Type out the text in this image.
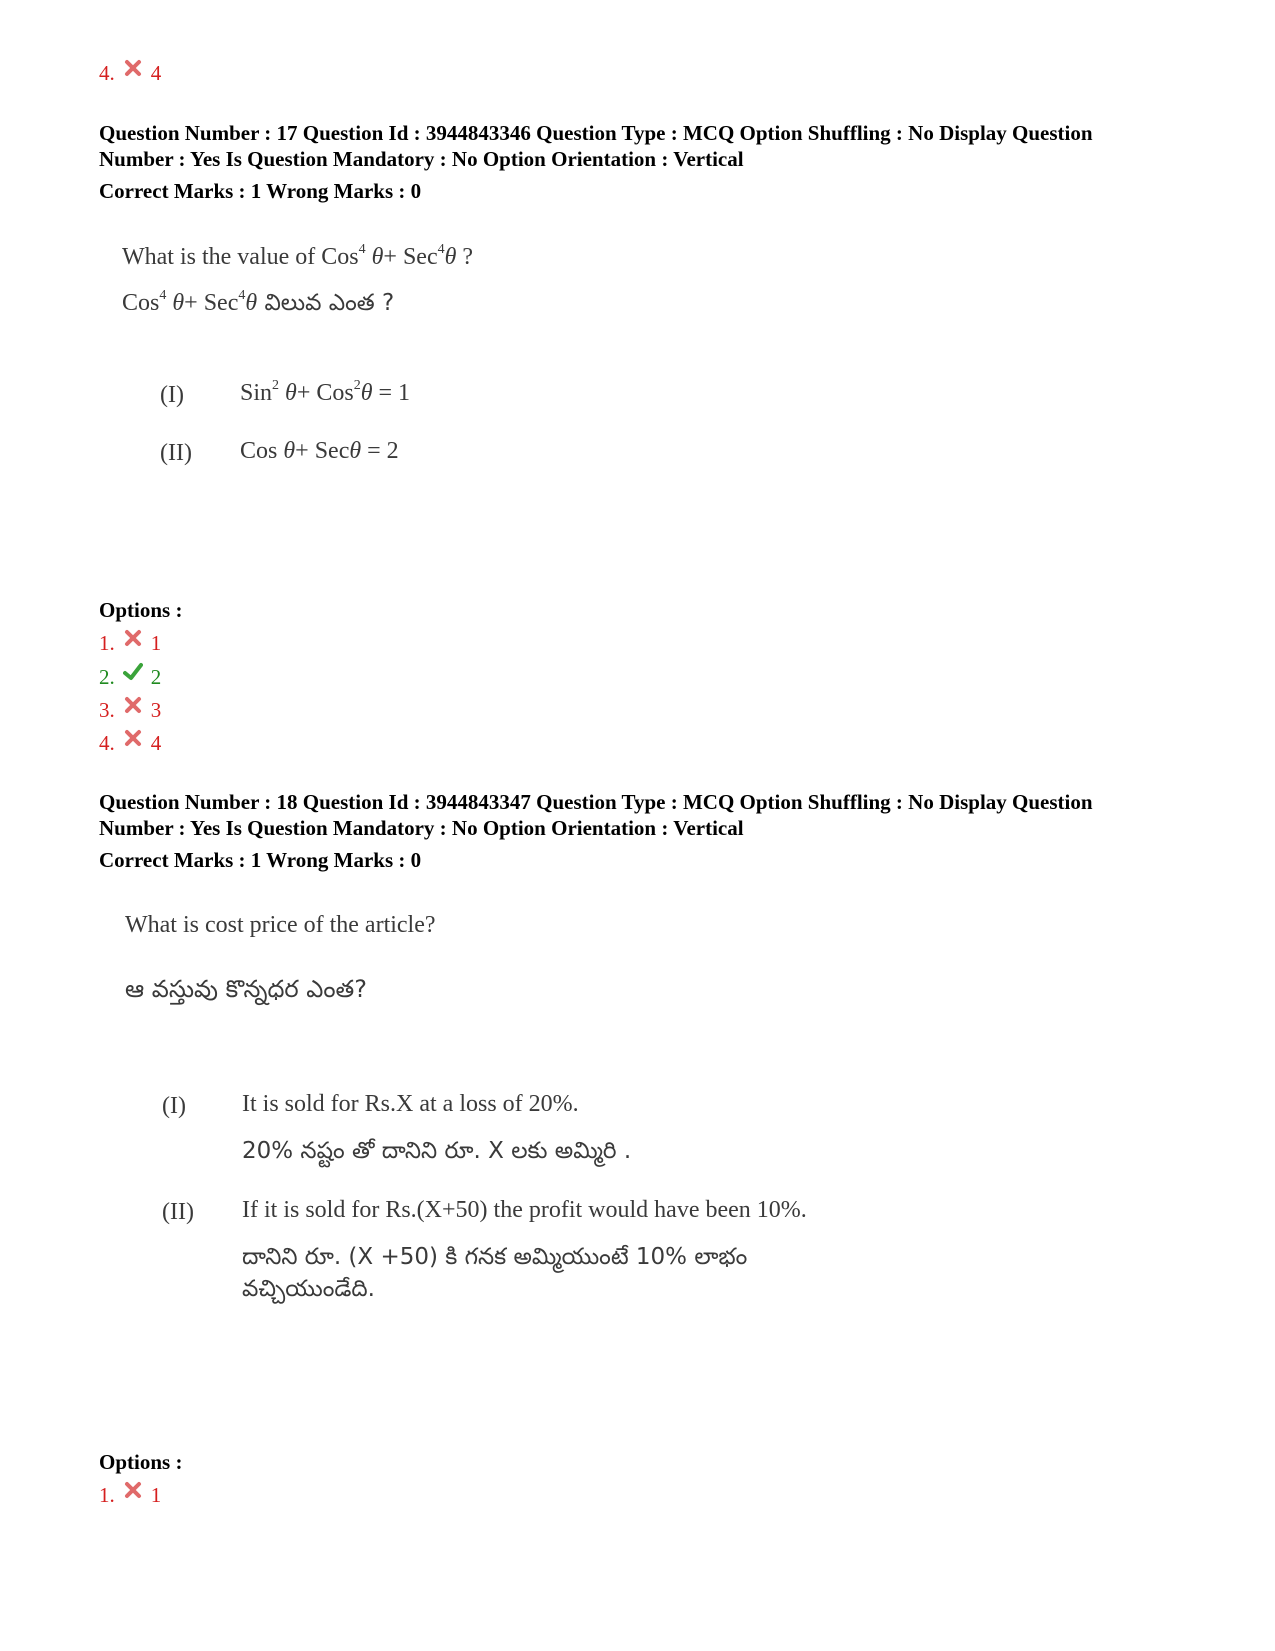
4. 4

Question Number : 17 Question Id : 3944843346 Question Type : MCQ Option Shuffling : No Display Question

Number : Yes Is Question Mandatory : No Option Orientation : Vertical

Correct Marks : 1 Wrong Marks : 0

What is the value of Cos$^4$ θ+ Sec$^4$θ ?
Cos$^4$ θ+ Sec$^4$θ విలువ ఎంత ?
(I) Sin$^2$ θ+ Cos$^2$θ = 1
(II) Cos θ+ Secθ = 2
Options :
1. 1
2. 2
3. 3
4. 4

Question Number : 18 Question Id : 3944843347 Question Type : MCQ Option Shuffling : No Display Question

Number : Yes Is Question Mandatory : No Option Orientation : Vertical

Correct Marks : 1 Wrong Marks : 0

What is cost price of the article?
ఆ వస్తువు కొన్నధర ఎంత?
(I) It is sold for Rs.X at a loss of 20%.
20% నష్టం తో దానిని రూ. X లకు అమ్మిరి .
(II) If it is sold for Rs.(X+50) the profit would have been 10%.
దానిని రూ. (X +50) కి గనక అమ్మియుంటే 10% లాభం
వచ్చియుండేది.
Options :
1. 1
